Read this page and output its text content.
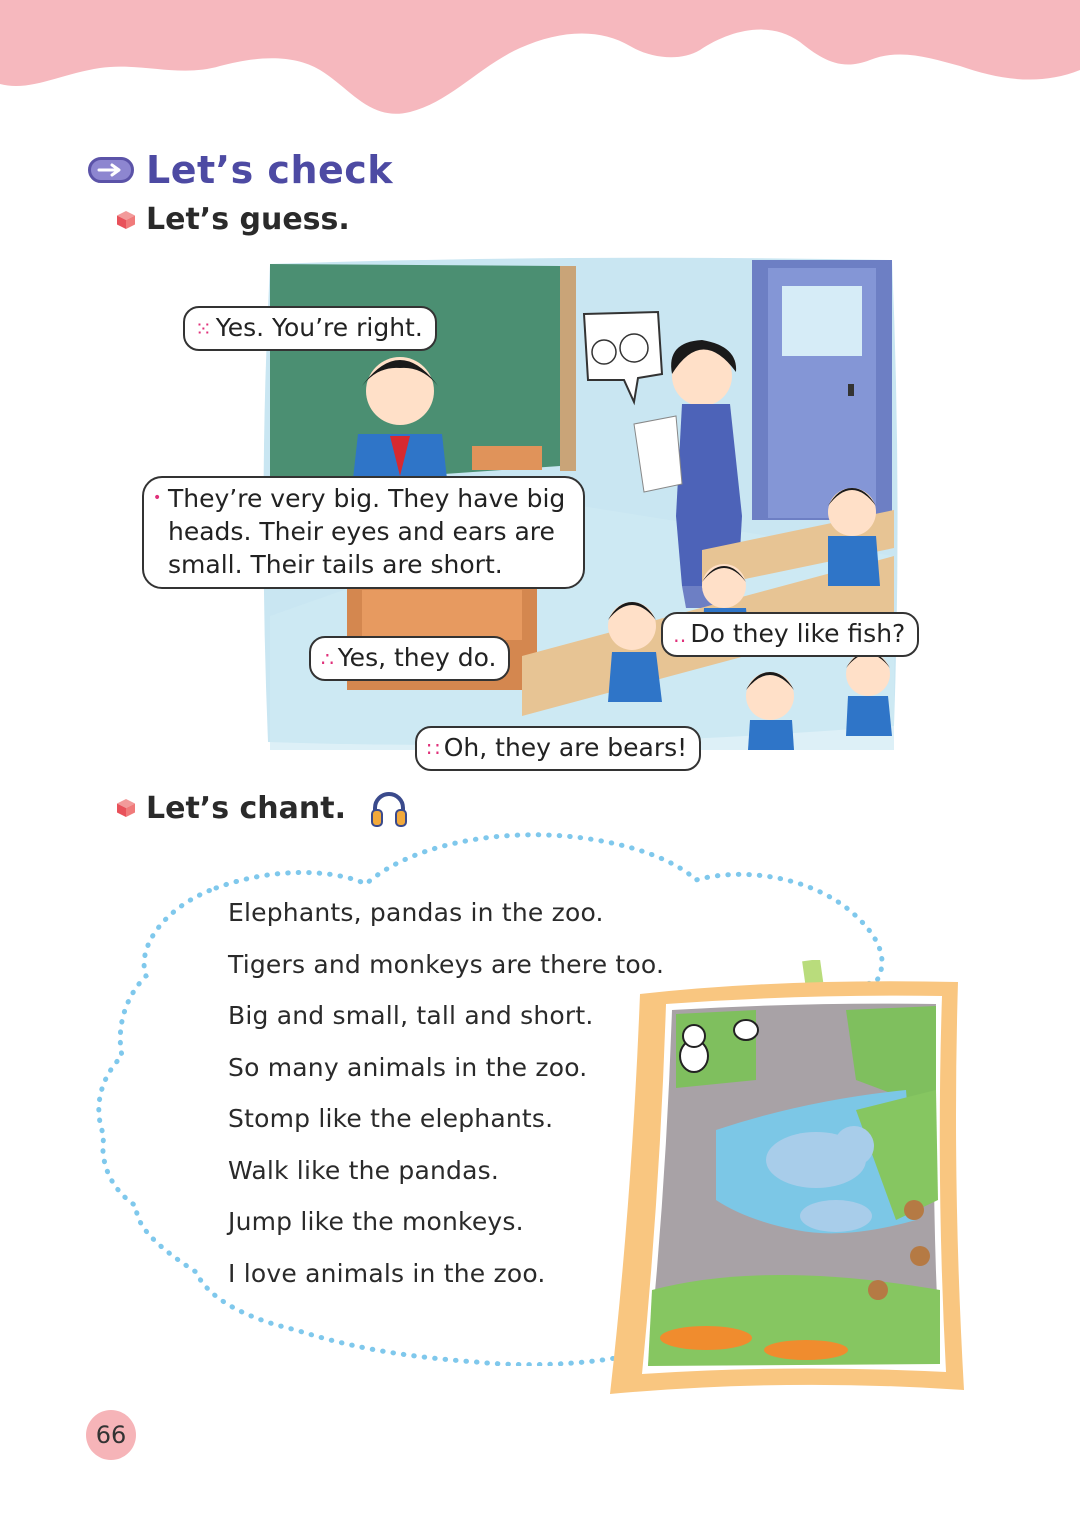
Let’s check
Let’s guess.
⁙ Yes. You’re right.
• They’re very big. They have big heads. Their eyes and ears are small. Their tails are short.
∴ Yes, they do.
‥ Do they like fish?
∷ Oh, they are bears!
Let’s chant.
Elephants, pandas in the zoo.
Tigers and monkeys are there too.
Big and small, tall and short.
So many animals in the zoo.
Stomp like the elephants.
Walk like the pandas.
Jump like the monkeys.
I love animals in the zoo.
66
